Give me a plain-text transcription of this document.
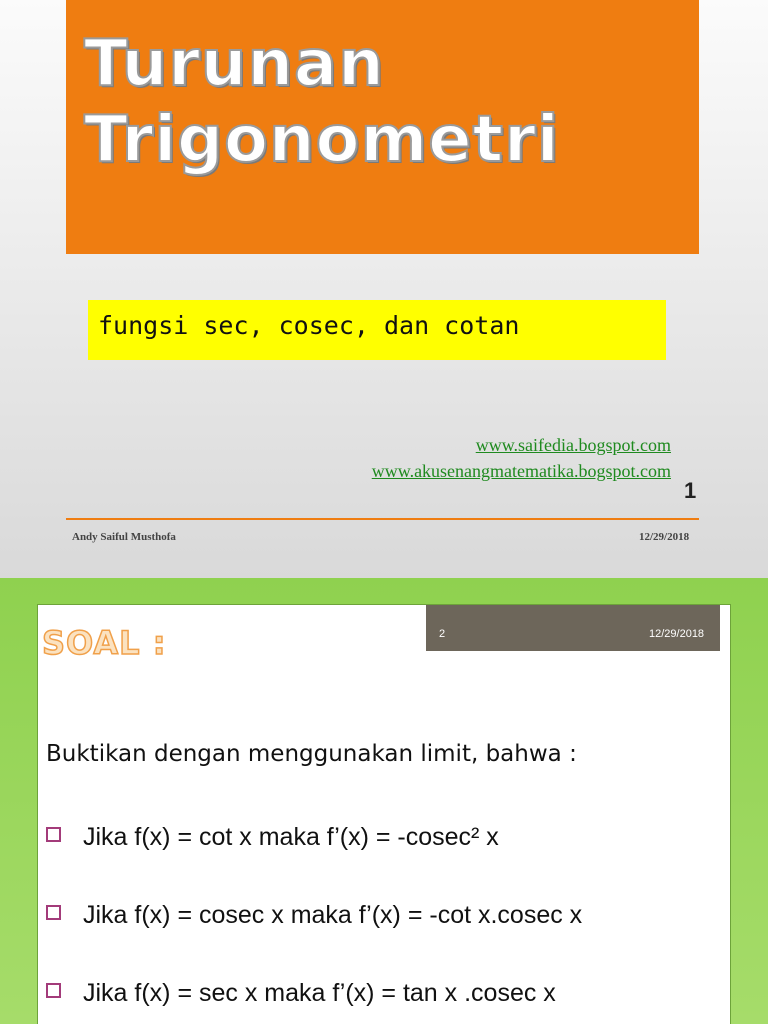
Turunan
Trigonometri
fungsi sec, cosec, dan cotan
www.saifedia.bogspot.com
www.akusenangmatematika.bogspot.com
1
Andy Saiful Musthofa	12/29/2018
2	12/29/2018
SOAL :
Buktikan dengan menggunakan limit, bahwa :
Jika f(x) = cot x maka f’(x) = -cosec² x
Jika f(x) = cosec x maka f’(x) = -cot x.cosec x
Jika f(x) = sec x maka f’(x) = tan x .cosec x
